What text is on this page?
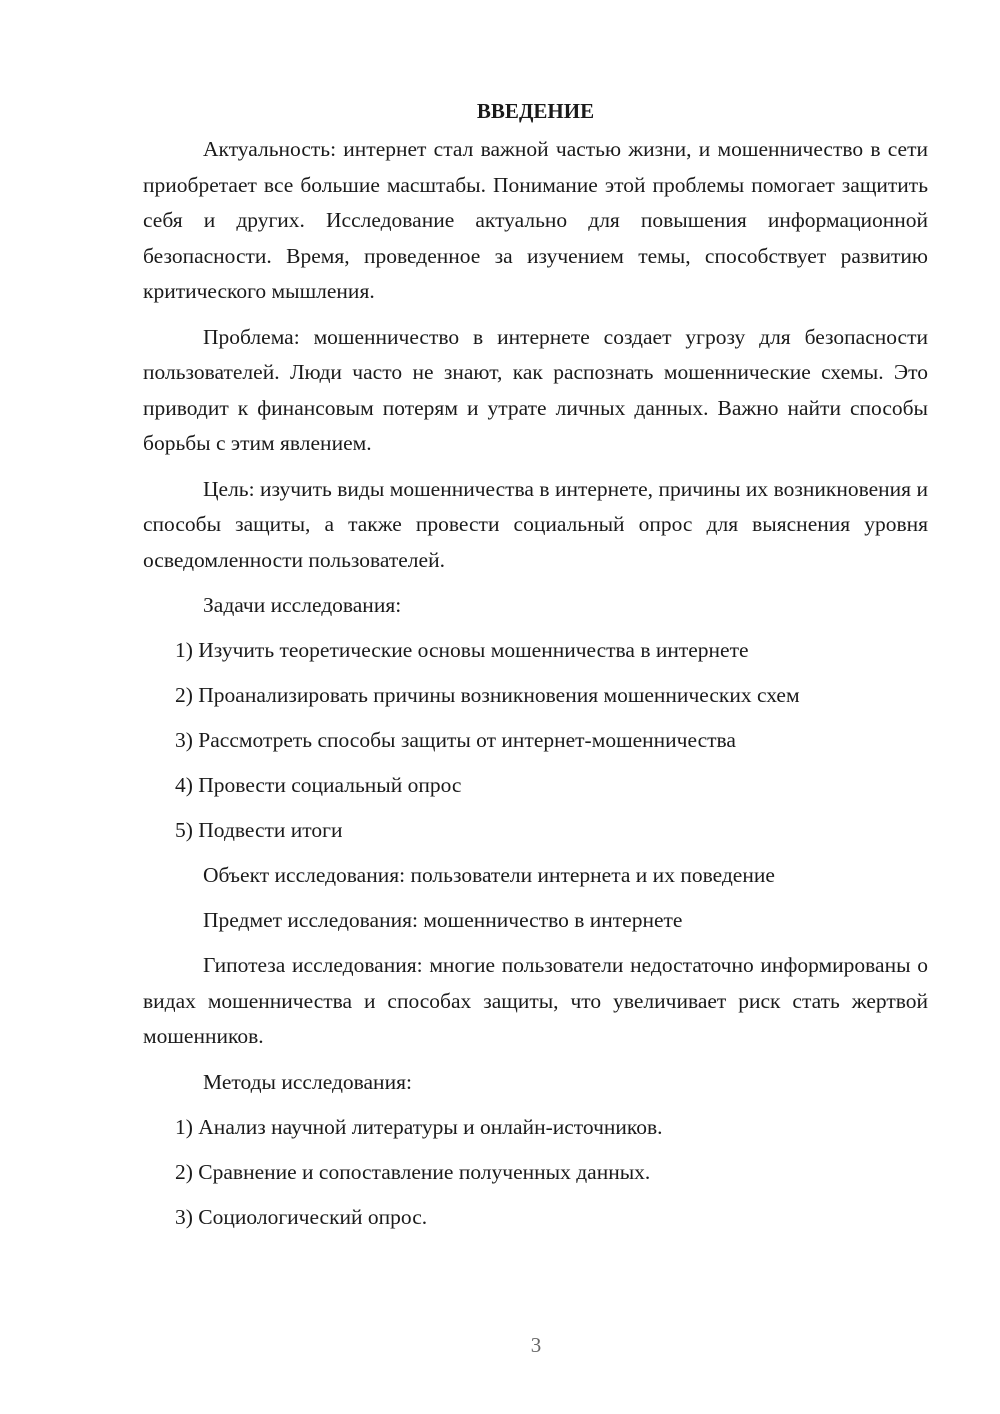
ВВЕДЕНИЕ

Актуальность: интернет стал важной частью жизни, и мошенничество в сети приобретает все большие масштабы. Понимание этой проблемы помогает защитить себя и других. Исследование актуально для повышения информационной безопасности. Время, проведенное за изучением темы, способствует развитию критического мышления.

Проблема: мошенничество в интернете создает угрозу для безопасности пользователей. Люди часто не знают, как распознать мошеннические схемы. Это приводит к финансовым потерям и утрате личных данных. Важно найти способы борьбы с этим явлением.

Цель: изучить виды мошенничества в интернете, причины их возникновения и способы защиты, а также провести социальный опрос для выяснения уровня осведомленности пользователей.

Задачи исследования:

1) Изучить теоретические основы мошенничества в интернете
2) Проанализировать причины возникновения мошеннических схем
3) Рассмотреть способы защиты от интернет-мошенничества
4) Провести социальный опрос
5) Подвести итоги

Объект исследования: пользователи интернета и их поведение

Предмет исследования: мошенничество в интернете

Гипотеза исследования: многие пользователи недостаточно информированы о видах мошенничества и способах защиты, что увеличивает риск стать жертвой мошенников.

Методы исследования:

1) Анализ научной литературы и онлайн-источников.
2) Сравнение и сопоставление полученных данных.
3) Социологический опрос.
3
